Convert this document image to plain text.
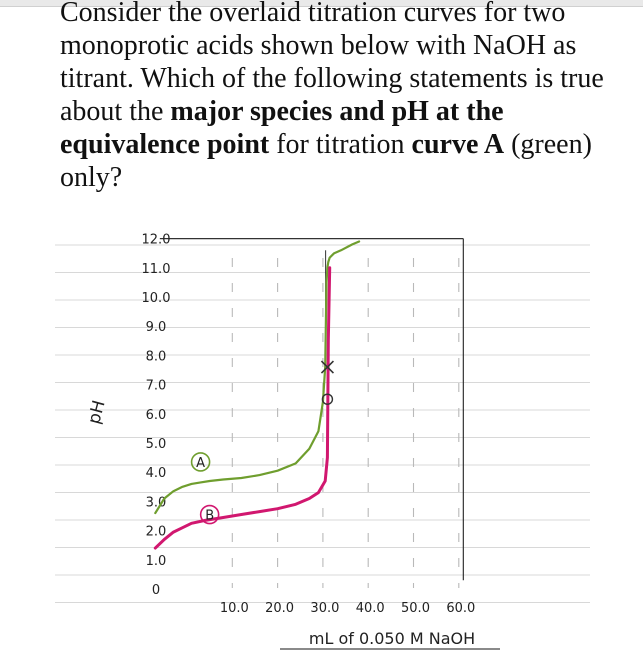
Consider the overlaid titration curves for two monoprotic acids shown below with NaOH as titrant. Which of the following statements is true about the major species and pH at the equivalence point for titration curve A (green) only?
0
1.0
2.0
3.0
4.0
5.0
6.0
7.0
8.0
9.0
10.0
11.0
12.0
10.0 20.0 30.0 40.0 50.0 60.0
A
B
pH
mL of 0.050 M NaOH
